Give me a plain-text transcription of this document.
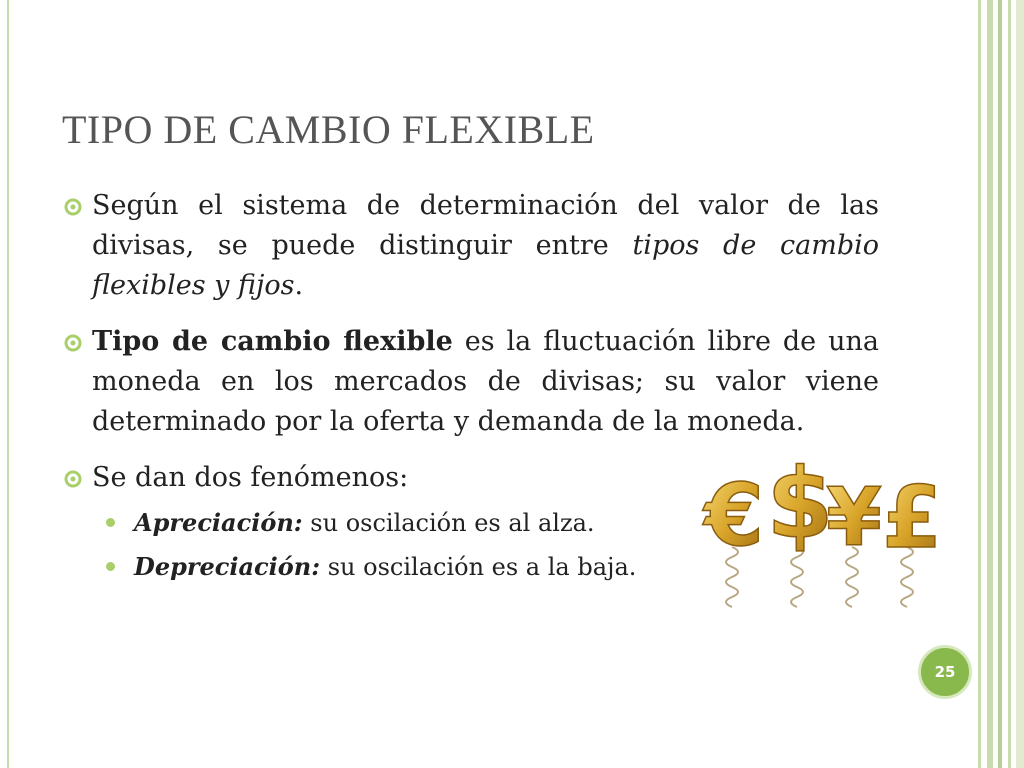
TIPO DE CAMBIO FLEXIBLE
Según el sistema de determinación del valor de las divisas, se puede distinguir entre tipos de cambio flexibles y fijos.
Tipo de cambio flexible es la fluctuación libre de una moneda en los mercados de divisas; su valor viene determinado por la oferta y demanda de la moneda.
Se dan dos fenómenos:
Apreciación: su oscilación es al alza.
Depreciación: su oscilación es a la baja.
€ $
¥ £
25
